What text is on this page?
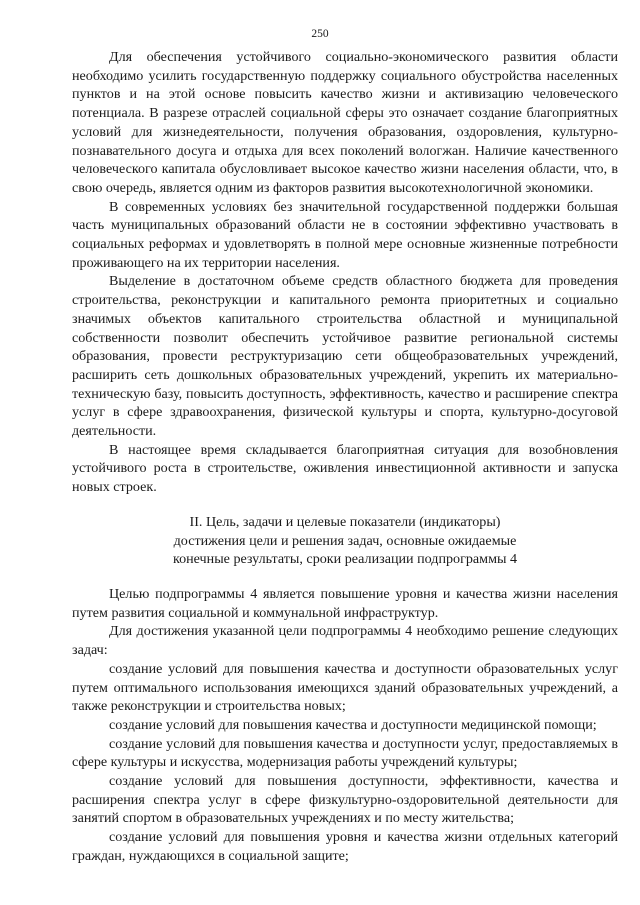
250

Для обеспечения устойчивого социально-экономического развития области необходимо усилить государственную поддержку социального обустройства населенных пунктов и на этой основе повысить качество жизни и активизацию человеческого потенциала. В разрезе отраслей социальной сферы это означает создание благоприятных условий для жизнедеятельности, получения образования, оздоровления, культурно-познавательного досуга и отдыха для всех поколений вологжан. Наличие качественного человеческого капитала обусловливает высокое качество жизни населения области, что, в свою очередь, является одним из факторов развития высокотехнологичной экономики.

В современных условиях без значительной государственной поддержки большая часть муниципальных образований области не в состоянии эффективно участвовать в социальных реформах и удовлетворять в полной мере основные жизненные потребности проживающего на их территории населения.

Выделение в достаточном объеме средств областного бюджета для проведения строительства, реконструкции и капитального ремонта приоритетных и социально значимых объектов капитального строительства областной и муниципальной собственности позволит обеспечить устойчивое развитие региональной системы образования, провести реструктуризацию сети общеобразовательных учреждений, расширить сеть дошкольных образовательных учреждений, укрепить их материально-техническую базу, повысить доступность, эффективность, качество и расширение спектра услуг в сфере здравоохранения, физической культуры и спорта, культурно-досуговой деятельности.

В настоящее время складывается благоприятная ситуация для возобновления устойчивого роста в строительстве, оживления инвестиционной активности и запуска новых строек.

II. Цель, задачи и целевые показатели (индикаторы)
достижения цели и решения задач, основные ожидаемые
конечные результаты, сроки реализации подпрограммы 4

Целью подпрограммы 4 является повышение уровня и качества жизни населения путем развития социальной и коммунальной инфраструктур.

Для достижения указанной цели подпрограммы 4 необходимо решение следующих задач:

создание условий для повышения качества и доступности образовательных услуг путем оптимального использования имеющихся зданий образовательных учреждений, а также реконструкции и строительства новых;

создание условий для повышения качества и доступности медицинской помощи;

создание условий для повышения качества и доступности услуг, предоставляемых в сфере культуры и искусства, модернизация работы учреждений культуры;

создание условий для повышения доступности, эффективности, качества и расширения спектра услуг в сфере физкультурно-оздоровительной деятельности для занятий спортом в образовательных учреждениях и по месту жительства;

создание условий для повышения уровня и качества жизни отдельных категорий граждан, нуждающихся в социальной защите;
